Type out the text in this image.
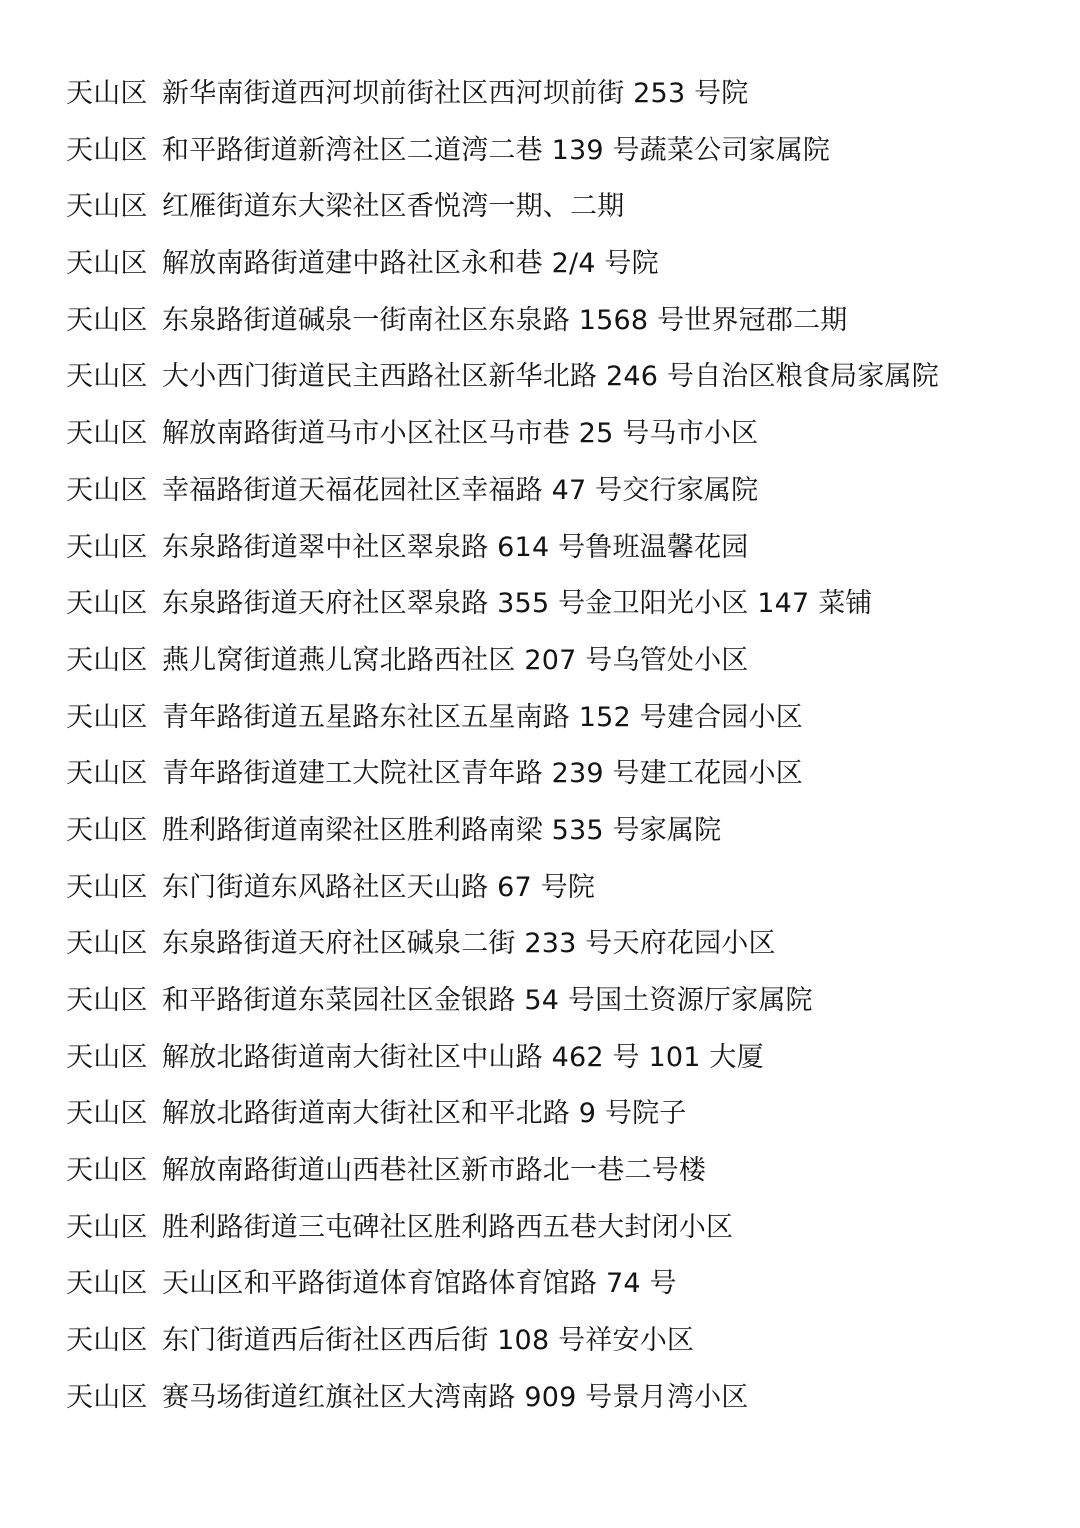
天山区 新华南街道西河坝前街社区西河坝前街 253 号院
天山区 和平路街道新湾社区二道湾二巷 139 号蔬菜公司家属院
天山区 红雁街道东大梁社区香悦湾一期、二期
天山区 解放南路街道建中路社区永和巷 2/4 号院
天山区 东泉路街道碱泉一街南社区东泉路 1568 号世界冠郡二期
天山区 大小西门街道民主西路社区新华北路 246 号自治区粮食局家属院
天山区 解放南路街道马市小区社区马市巷 25 号马市小区
天山区 幸福路街道天福花园社区幸福路 47 号交行家属院
天山区 东泉路街道翠中社区翠泉路 614 号鲁班温馨花园
天山区 东泉路街道天府社区翠泉路 355 号金卫阳光小区 147 菜铺
天山区 燕儿窝街道燕儿窝北路西社区 207 号乌管处小区
天山区 青年路街道五星路东社区五星南路 152 号建合园小区
天山区 青年路街道建工大院社区青年路 239 号建工花园小区
天山区 胜利路街道南梁社区胜利路南梁 535 号家属院
天山区 东门街道东风路社区天山路 67 号院
天山区 东泉路街道天府社区碱泉二街 233 号天府花园小区
天山区 和平路街道东菜园社区金银路 54 号国土资源厅家属院
天山区 解放北路街道南大街社区中山路 462 号 101 大厦
天山区 解放北路街道南大街社区和平北路 9 号院子
天山区 解放南路街道山西巷社区新市路北一巷二号楼
天山区 胜利路街道三屯碑社区胜利路西五巷大封闭小区
天山区 天山区和平路街道体育馆路体育馆路 74 号
天山区 东门街道西后街社区西后街 108 号祥安小区
天山区 赛马场街道红旗社区大湾南路 909 号景月湾小区
